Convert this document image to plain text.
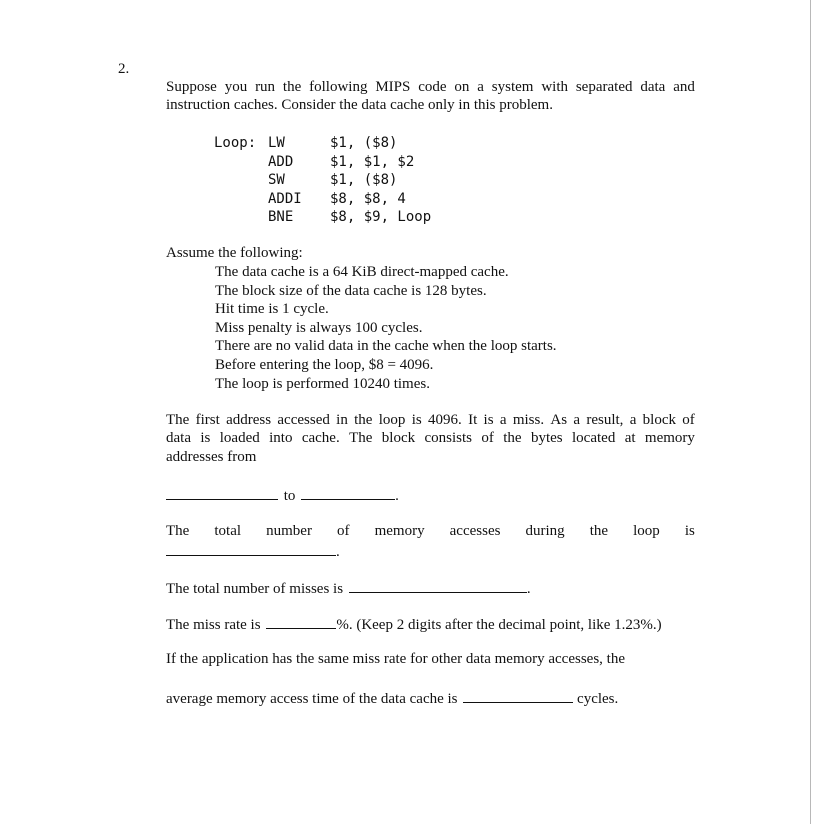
2.
Suppose you run the following MIPS code on a system with separated data and
instruction caches. Consider the data cache only in this problem.
Loop: LW	$1, ($8)
ADD	$1, $1, $2
SW	$1, ($8)
ADDI $8, $8, 4
BNE	$8, $9, Loop
Assume the following:
The data cache is a 64 KiB direct-mapped cache.
The block size of the data cache is 128 bytes.
Hit time is 1 cycle.
Miss penalty is always 100 cycles.
There are no valid data in the cache when the loop starts.
Before entering the loop, $8 = 4096.
The loop is performed 10240 times.
The first address accessed in the loop is 4096. It is a miss. As a result, a block of
data is loaded into cache. The block consists of the bytes located at memory
addresses from
to	.
The total number of memory accesses during the loop is
.
The total number of misses is	.
The miss rate is	%. (Keep 2 digits after the decimal point, like 1.23%.)
If the application has the same miss rate for other data memory accesses, the
average memory access time of the data cache is	cycles.
